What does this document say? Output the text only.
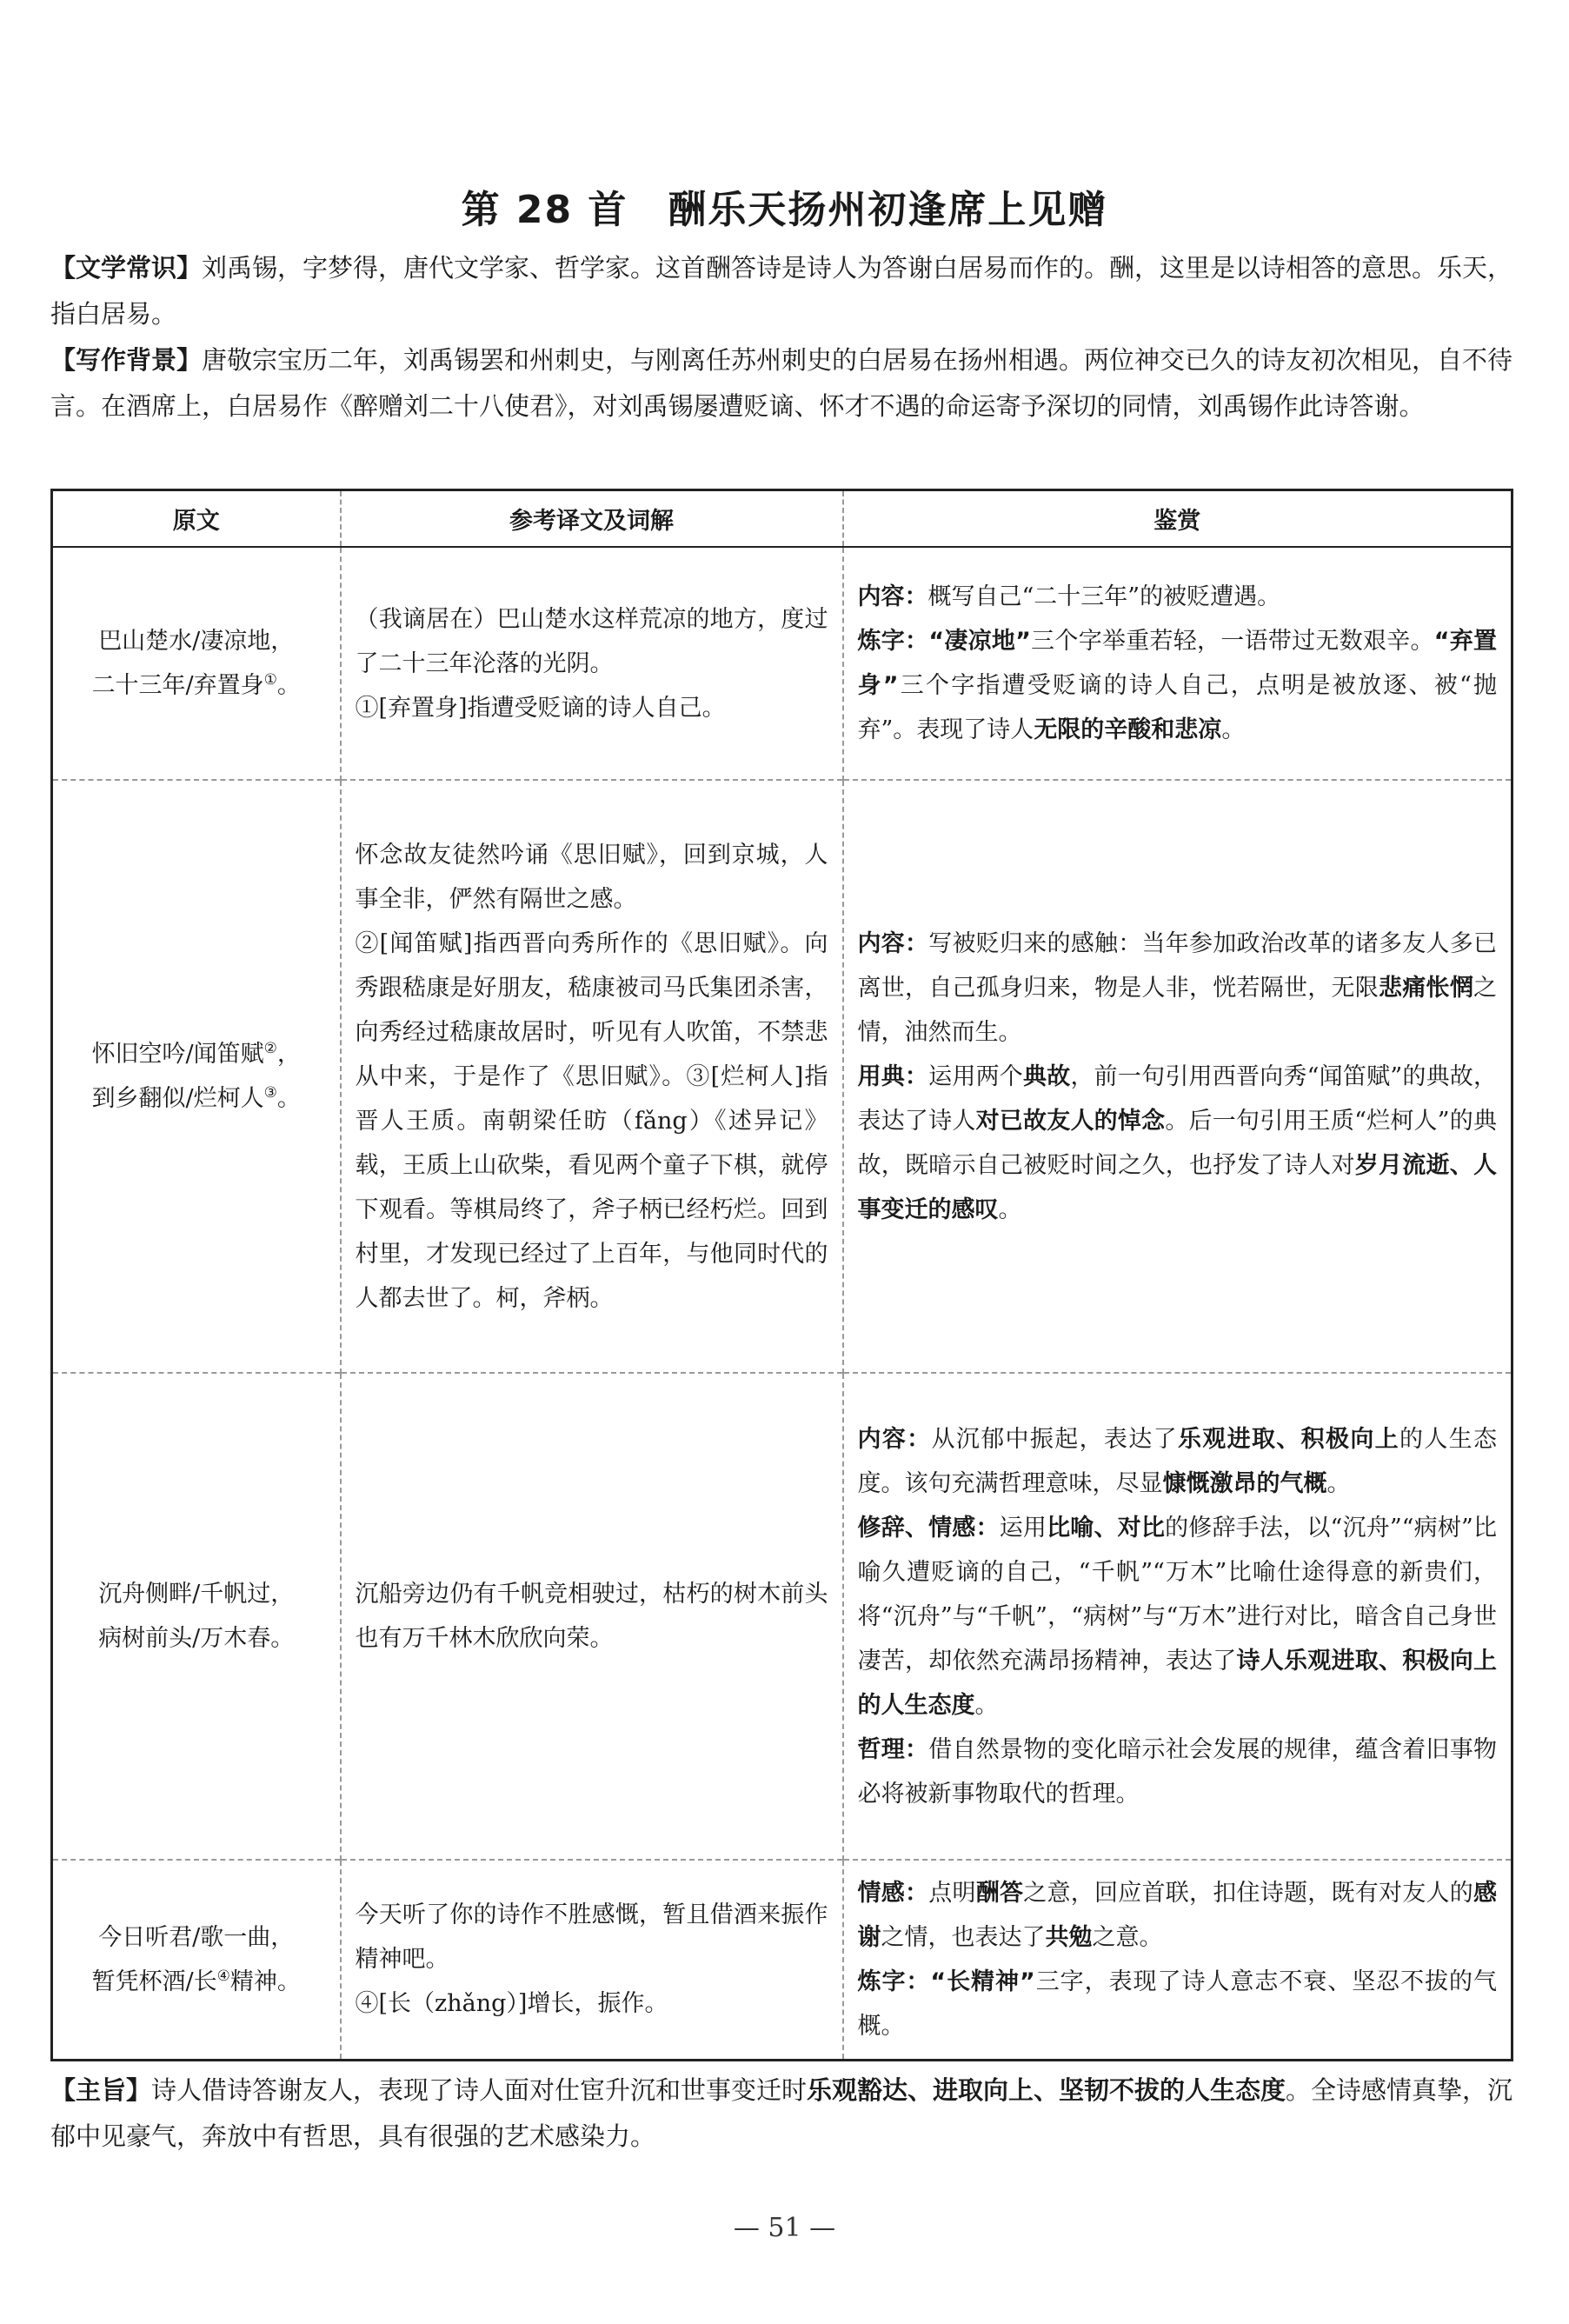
第 28 首　酬乐天扬州初逢席上见赠
【文学常识】刘禹锡，字梦得，唐代文学家、哲学家。这首酬答诗是诗人为答谢白居易而作的。酬，这里是以诗相答的意思。乐天，指白居易。
【写作背景】唐敬宗宝历二年，刘禹锡罢和州刺史，与刚离任苏州刺史的白居易在扬州相遇。两位神交已久的诗友初次相见，自不待言。在酒席上，白居易作《醉赠刘二十八使君》，对刘禹锡屡遭贬谪、怀才不遇的命运寄予深切的同情，刘禹锡作此诗答谢。
原文	参考译文及词解	鉴赏

巴山楚水/凄凉地，
二十三年/弃置身①。	（我谪居在）巴山楚水这样荒凉的地方，度过了二十三年沦落的光阴。
①[弃置身]指遭受贬谪的诗人自己。	内容：概写自己“二十三年”的被贬遭遇。
炼字：“凄凉地”三个字举重若轻，一语带过无数艰辛。“弃置身”三个字指遭受贬谪的诗人自己，点明是被放逐、被“抛弃”。表现了诗人无限的辛酸和悲凉。

怀旧空吟/闻笛赋②，
到乡翻似/烂柯人③。	怀念故友徒然吟诵《思旧赋》，回到京城，人事全非，俨然有隔世之感。
②[闻笛赋]指西晋向秀所作的《思旧赋》。向秀跟嵇康是好朋友，嵇康被司马氏集团杀害，向秀经过嵇康故居时，听见有人吹笛，不禁悲从中来，于是作了《思旧赋》。③[烂柯人]指晋人王质。南朝梁任昉（fǎng）《述异记》载，王质上山砍柴，看见两个童子下棋，就停下观看。等棋局终了，斧子柄已经朽烂。回到村里，才发现已经过了上百年，与他同时代的人都去世了。柯，斧柄。	内容：写被贬归来的感触：当年参加政治改革的诸多友人多已离世，自己孤身归来，物是人非，恍若隔世，无限悲痛怅惘之情，油然而生。
用典：运用两个典故，前一句引用西晋向秀“闻笛赋”的典故，表达了诗人对已故友人的悼念。后一句引用王质“烂柯人”的典故，既暗示自己被贬时间之久，也抒发了诗人对岁月流逝、人事变迁的感叹。

沉舟侧畔/千帆过，
病树前头/万木春。	沉船旁边仍有千帆竞相驶过，枯朽的树木前头也有万千林木欣欣向荣。	内容：从沉郁中振起，表达了乐观进取、积极向上的人生态度。该句充满哲理意味，尽显慷慨激昂的气概。
修辞、情感：运用比喻、对比的修辞手法，以“沉舟”“病树”比喻久遭贬谪的自己，“千帆”“万木”比喻仕途得意的新贵们，将“沉舟”与“千帆”，“病树”与“万木”进行对比，暗含自己身世凄苦，却依然充满昂扬精神，表达了诗人乐观进取、积极向上的人生态度。
哲理：借自然景物的变化暗示社会发展的规律，蕴含着旧事物必将被新事物取代的哲理。

今日听君/歌一曲，
暂凭杯酒/长④精神。	今天听了你的诗作不胜感慨，暂且借酒来振作精神吧。
④[长（zhǎng）]增长，振作。	情感：点明酬答之意，回应首联，扣住诗题，既有对友人的感谢之情，也表达了共勉之意。
炼字：“长精神”三字，表现了诗人意志不衰、坚忍不拔的气概。
【主旨】诗人借诗答谢友人，表现了诗人面对仕宦升沉和世事变迁时乐观豁达、进取向上、坚韧不拔的人生态度。全诗感情真挚，沉郁中见豪气，奔放中有哲思，具有很强的艺术感染力。
— 51 —
